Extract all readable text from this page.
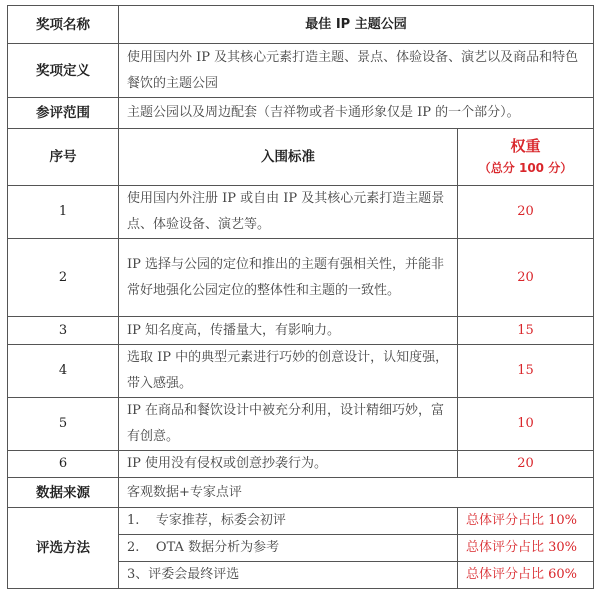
奖项名称	最佳 IP 主题公园	
奖项定义	使用国内外 IP 及其核心元素打造主题、景点、体验设备、演艺以及商品和特色餐饮的主题公园	
参评范围	主题公园以及周边配套（吉祥物或者卡通形象仅是 IP 的一个部分）。	
序号	入围标准	权重
（总分 100 分）

1	使用国内外注册 IP 或自由 IP 及其核心元素打造主题景点、体验设备、演艺等。	20
2	IP 选择与公园的定位和推出的主题有强相关性，并能非常好地强化公园定位的整体性和主题的一致性。	20
3	IP 知名度高，传播量大，有影响力。	15
4	选取 IP 中的典型元素进行巧妙的创意设计，认知度强，带入感强。	15
5	IP 在商品和餐饮设计中被充分利用，设计精细巧妙，富有创意。	10
6	IP 使用没有侵权或创意抄袭行为。	20
数据来源	客观数据+专家点评	
评选方法	1.    专家推荐，标委会初评	总体评分占比 10%
	2.    OTA 数据分析为参考	总体评分占比 30%
	3、评委会最终评选	总体评分占比 60%
